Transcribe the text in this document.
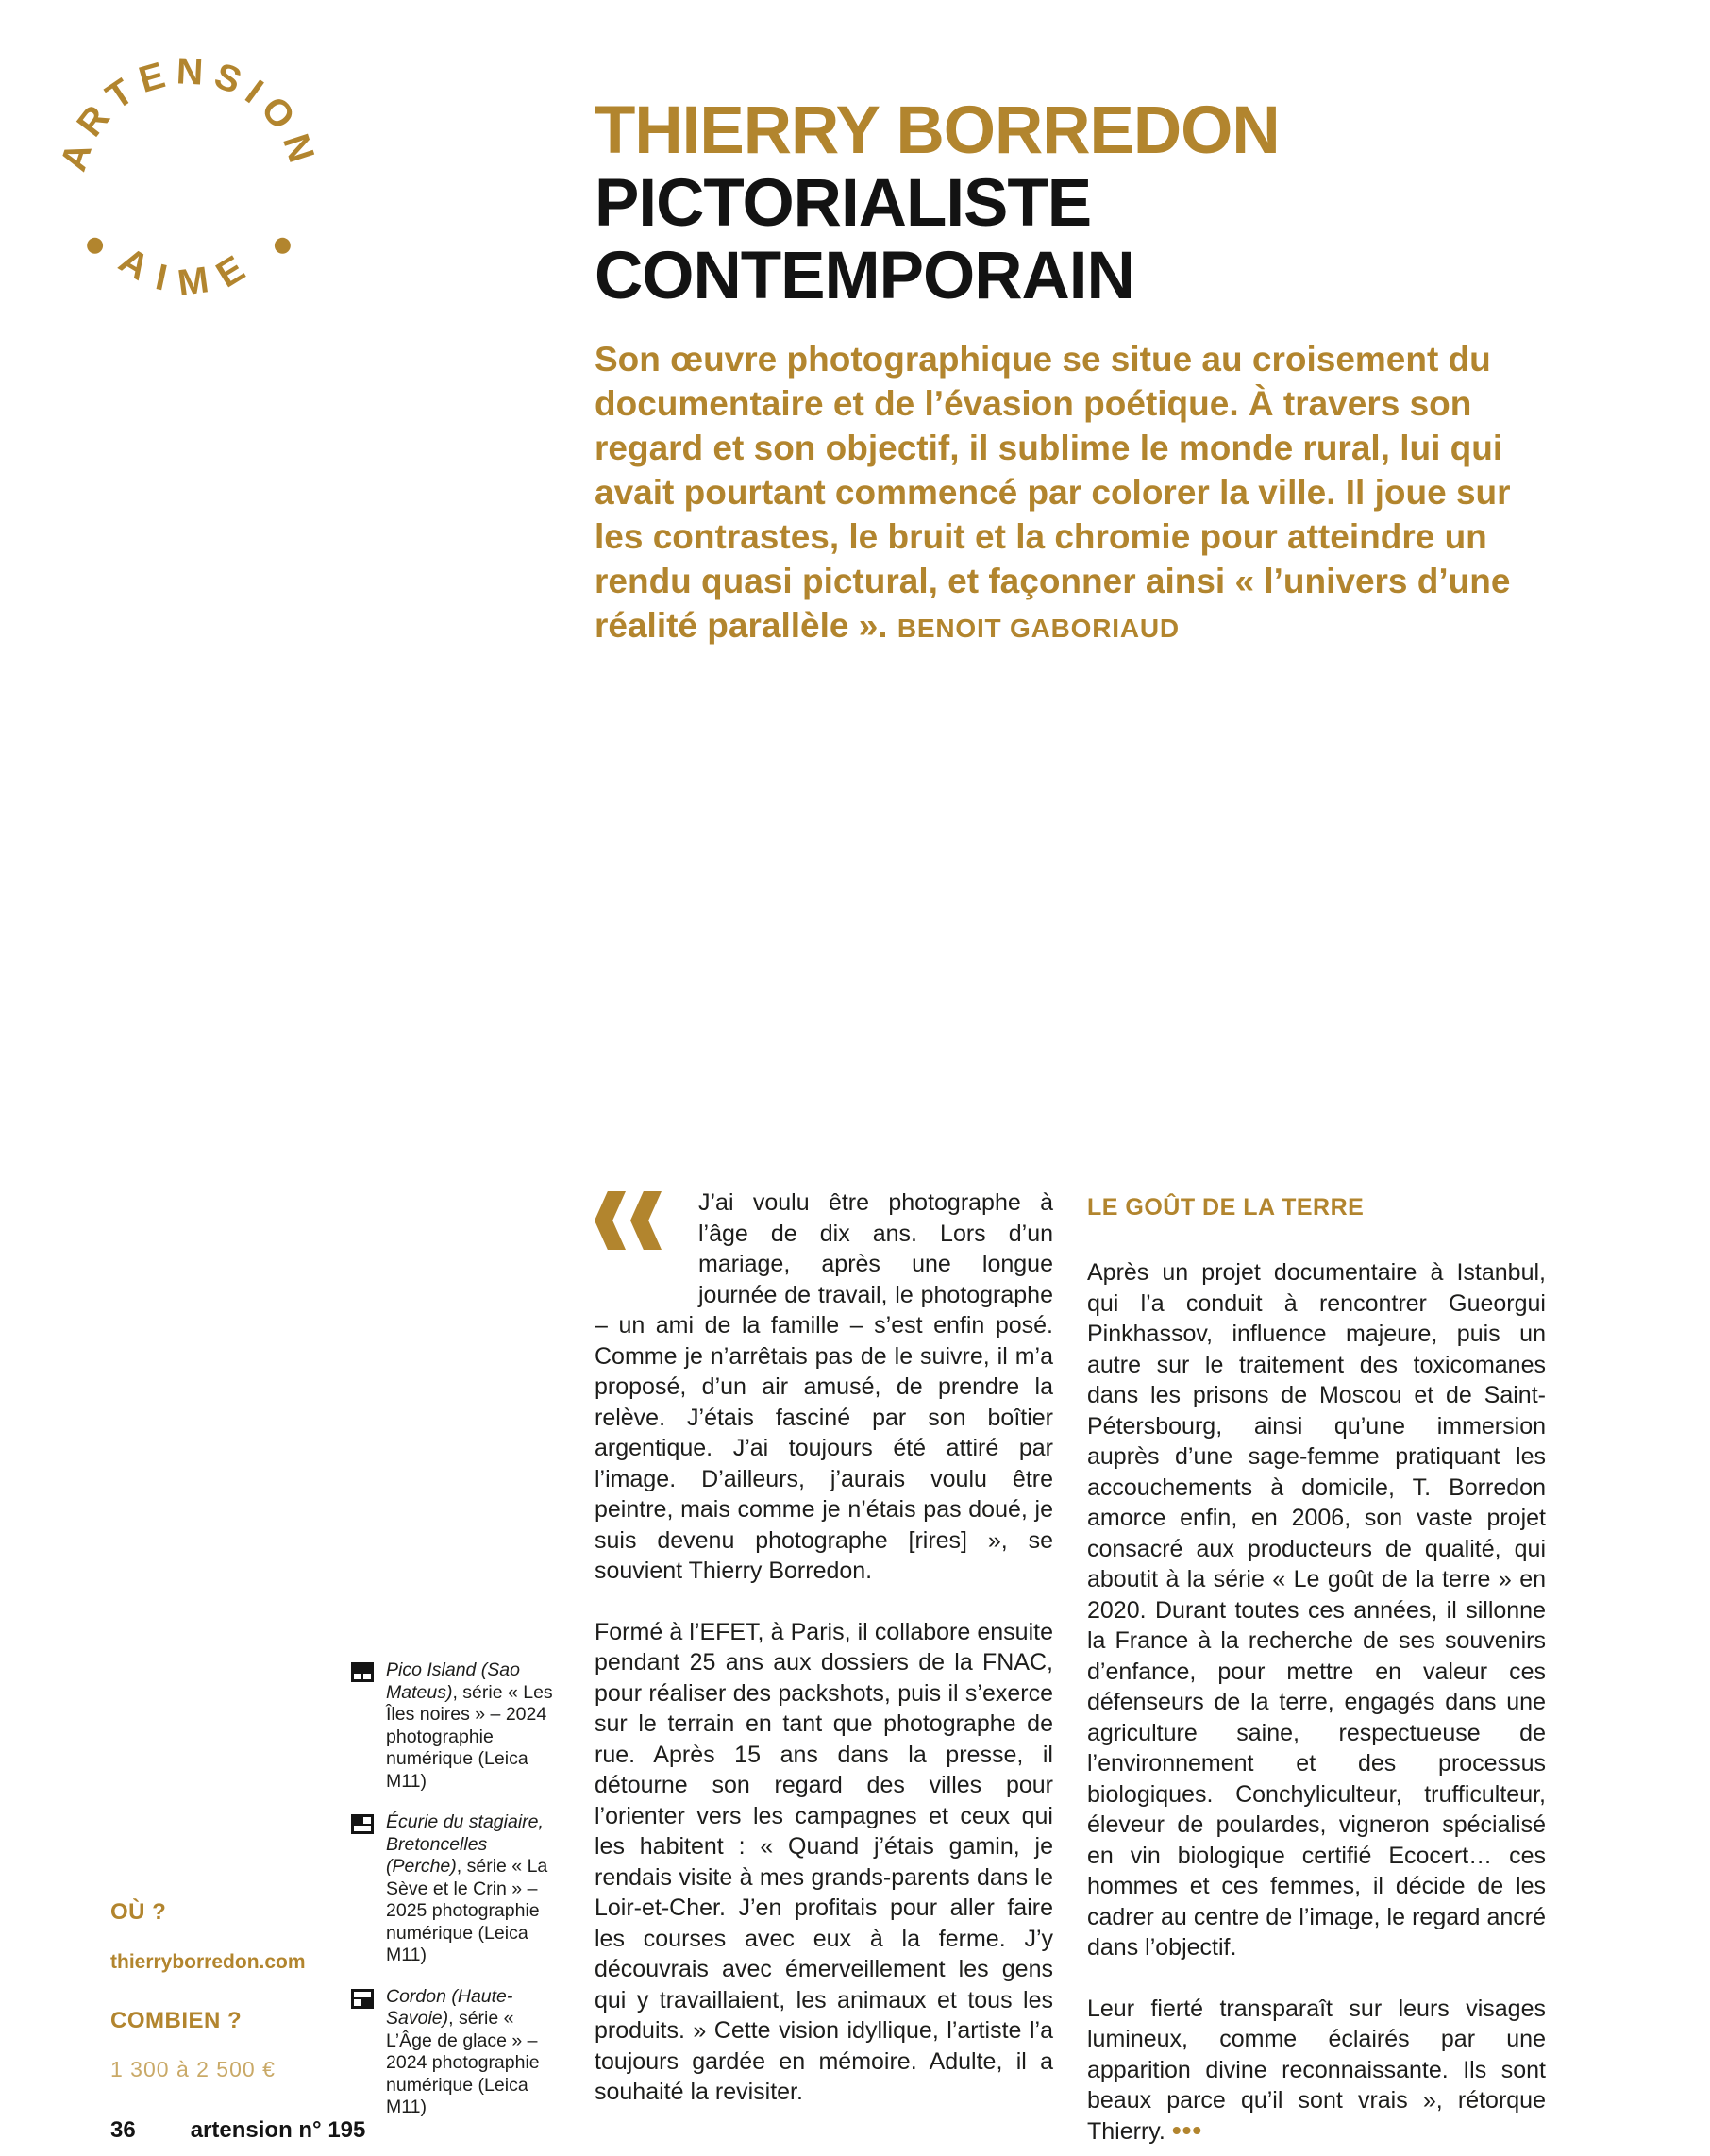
ARTENSION
AIME
THIERRY BORREDON
PICTORIALISTE
CONTEMPORAIN

Son œuvre photographique se situe au croisement du documentaire et de l’évasion poétique. À travers son regard et son objectif, il sublime le monde rural, lui qui avait pourtant commencé par colorer la ville. Il joue sur les contrastes, le bruit et la chromie pour atteindre un rendu quasi pictural, et façonner ainsi « l’univers d’une réalité parallèle ». BENOIT GABORIAUD

J’ai voulu être photographe à l’âge de dix ans. Lors d’un mariage, après une longue journée de travail, le photographe – un ami de la famille – s’est enfin posé. Comme je n’arrêtais pas de le suivre, il m’a proposé, d’un air amusé, de prendre la relève. J’étais fasciné par son boîtier argentique. J’ai toujours été attiré par l’image. D’ailleurs, j’aurais voulu être peintre, mais comme je n’étais pas doué, je suis devenu photographe [rires] », se souvient Thierry Borredon.

Formé à l’EFET, à Paris, il collabore ensuite pendant 25 ans aux dossiers de la FNAC, pour réaliser des packshots, puis il s’exerce sur le terrain en tant que photographe de rue. Après 15 ans dans la presse, il détourne son regard des villes pour l’orienter vers les campagnes et ceux qui les habitent : « Quand j’étais gamin, je rendais visite à mes grands-parents dans le Loir-et-Cher. J’en profitais pour aller faire les courses avec eux à la ferme. J’y découvrais avec émerveillement les gens qui y travaillaient, les animaux et tous les produits. » Cette vision idyllique, l’artiste l’a toujours gardée en mémoire. Adulte, il a souhaité la revisiter.

LE GOÛT DE LA TERRE

Après un projet documentaire à Istanbul, qui l’a conduit à rencontrer Gueorgui Pinkhassov, influence majeure, puis un autre sur le traitement des toxicomanes dans les prisons de Moscou et de Saint-Pétersbourg, ainsi qu’une immersion auprès d’une sage-femme pratiquant les accouchements à domicile, T. Borredon amorce enfin, en 2006, son vaste projet consacré aux producteurs de qualité, qui aboutit à la série « Le goût de la terre » en 2020. Durant toutes ces années, il sillonne la France à la recherche de ses souvenirs d’enfance, pour mettre en valeur ces défenseurs de la terre, engagés dans une agriculture saine, respectueuse de l’environnement et des processus biologiques. Conchyliculteur, trufficulteur, éleveur de poulardes, vigneron spécialisé en vin biologique certifié Ecocert… ces hommes et ces femmes, il décide de les cadrer au centre de l’image, le regard ancré dans l’objectif.

Leur fierté transparaît sur leurs visages lumineux, comme éclairés par une apparition divine reconnaissante. Ils sont beaux parce qu’il sont vrais », rétorque Thierry. •••

Pico Island (Sao Mateus), série « Les Îles noires » – 2024 photographie numérique (Leica M11)
Écurie du stagiaire, Bretoncelles (Perche), série « La Sève et le Crin » – 2025 photographie numérique (Leica M11)
Cordon (Haute-Savoie), série « L’Âge de glace » – 2024 photographie numérique (Leica M11)

OÙ ?

thierryborredon.com

COMBIEN ?

1 300 à 2 500 €

36 artension n° 195
